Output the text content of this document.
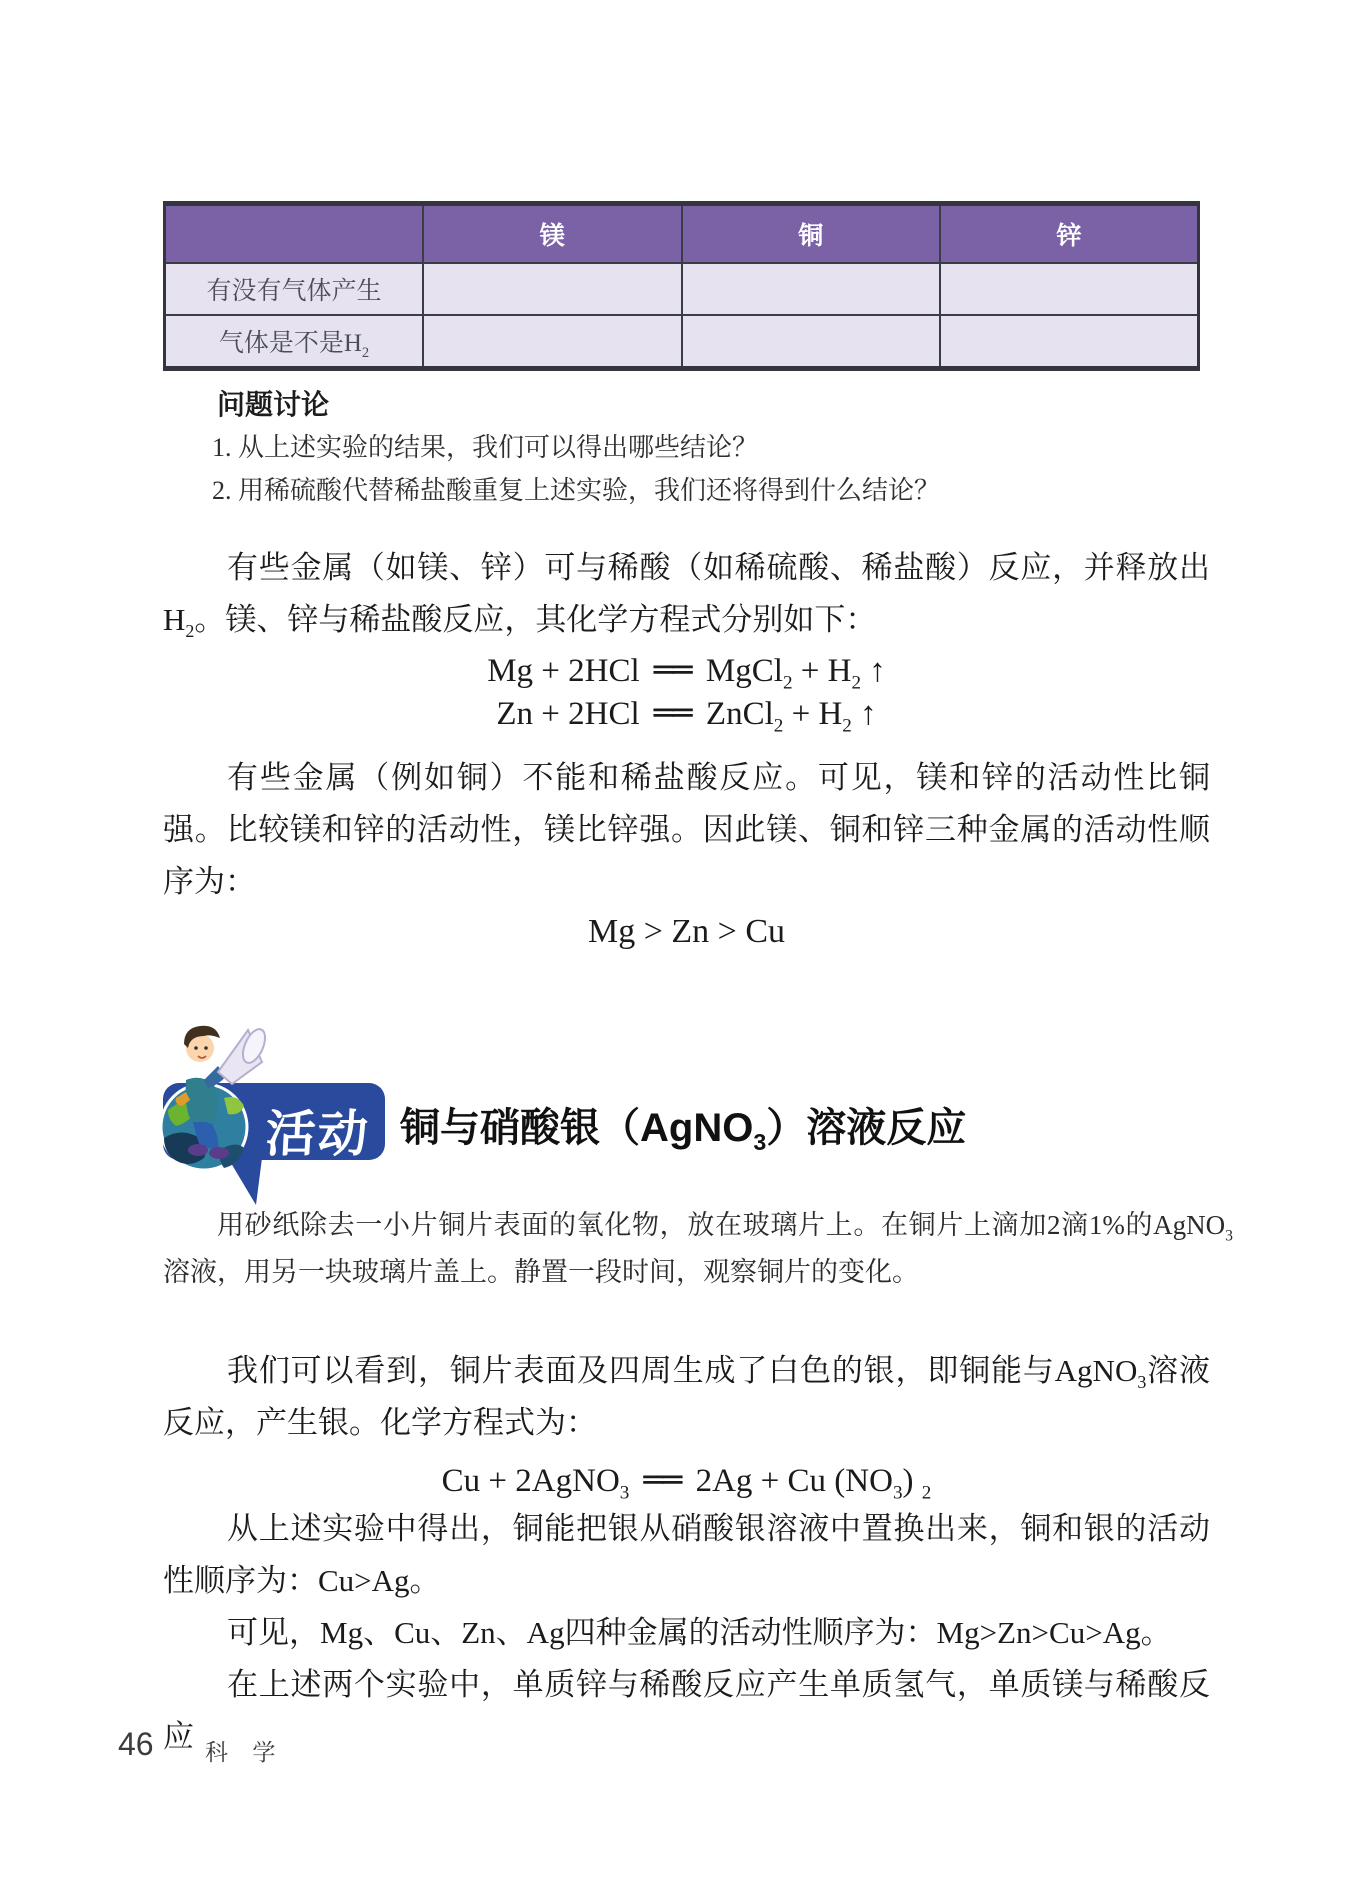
	镁	铜	锌
有没有气体产生			
气体是不是$H_2$			
问题讨论
1. 从上述实验的结果，我们可以得出哪些结论？
2. 用稀硫酸代替稀盐酸重复上述实验，我们还将得到什么结论？
有些金属（如镁、锌）可与稀酸（如稀硫酸、稀盐酸）反应，并释放出$H_2$。镁、锌与稀盐酸反应，其化学方程式分别如下：
Mg + 2HCl ══ MgCl$_2$ + $H_2$ ↑
Zn + 2HCl ══ ZnCl$_2$ + $H_2$ ↑
有些金属（例如铜）不能和稀盐酸反应。可见，镁和锌的活动性比铜强。比较镁和锌的活动性，镁比锌强。因此镁、铜和锌三种金属的活动性顺序为：
Mg > Zn > Cu
活动 铜与硝酸银（AgNO$_3$）溶液反应
用砂纸除去一小片铜片表面的氧化物，放在玻璃片上。在铜片上滴加2滴1%的AgNO$_3$溶液，用另一块玻璃片盖上。静置一段时间，观察铜片的变化。
我们可以看到，铜片表面及四周生成了白色的银，即铜能与AgNO$_3$溶液反应，产生银。化学方程式为：
Cu + 2AgNO$_3$ ══ 2Ag + Cu $(NO_3)$ $_2$
从上述实验中得出，铜能把银从硝酸银溶液中置换出来，铜和银的活动性顺序为：Cu>Ag。
可见，Mg、Cu、Zn、Ag四种金属的活动性顺序为：Mg>Zn>Cu>Ag。
在上述两个实验中，单质锌与稀酸反应产生单质氢气，单质镁与稀酸反应
46 科 学
